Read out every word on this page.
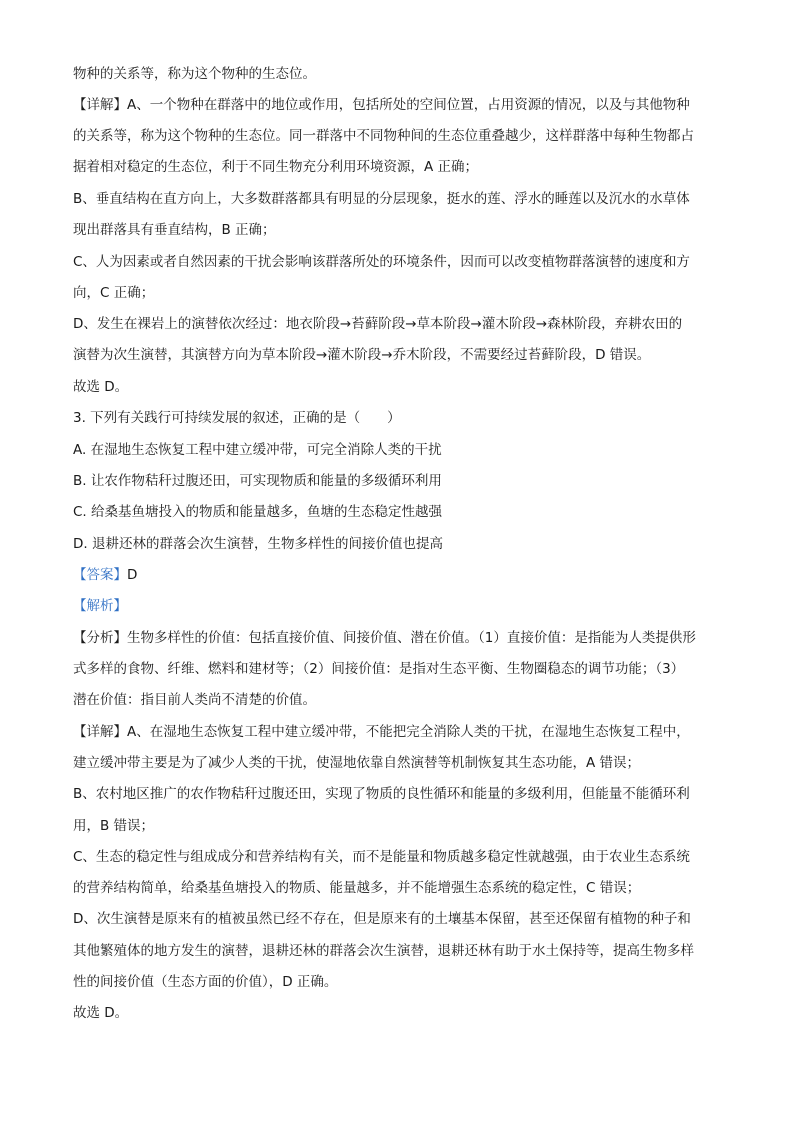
物种的关系等，称为这个物种的生态位。
【详解】A、一个物种在群落中的地位或作用，包括所处的空间位置，占用资源的情况，以及与其他物种
的关系等，称为这个物种的生态位。同一群落中不同物种间的生态位重叠越少，这样群落中每种生物都占
据着相对稳定的生态位，利于不同生物充分利用环境资源，A 正确；
B、垂直结构在直方向上，大多数群落都具有明显的分层现象，挺水的莲、浮水的睡莲以及沉水的水草体
现出群落具有垂直结构，B 正确；
C、人为因素或者自然因素的干扰会影响该群落所处的环境条件，因而可以改变植物群落演替的速度和方
向，C 正确；
D、发生在裸岩上的演替依次经过：地衣阶段→苔藓阶段→草本阶段→灌木阶段→森林阶段，弃耕农田的
演替为次生演替，其演替方向为草本阶段→灌木阶段→乔木阶段，不需要经过苔藓阶段，D 错误。
故选 D。
3. 下列有关践行可持续发展的叙述，正确的是（　　）
A. 在湿地生态恢复工程中建立缓冲带，可完全消除人类的干扰
B. 让农作物秸秆过腹还田，可实现物质和能量的多级循环利用
C. 给桑基鱼塘投入的物质和能量越多，鱼塘的生态稳定性越强
D. 退耕还林的群落会次生演替，生物多样性的间接价值也提高
【答案】D
【解析】
【分析】生物多样性的价值：包括直接价值、间接价值、潜在价值。（1）直接价值：是指能为人类提供形
式多样的食物、纤维、燃料和建材等；（2）间接价值：是指对生态平衡、生物圈稳态的调节功能；（3）
潜在价值：指目前人类尚不清楚的价值。
【详解】A、在湿地生态恢复工程中建立缓冲带，不能把完全消除人类的干扰，在湿地生态恢复工程中，
建立缓冲带主要是为了减少人类的干扰，使湿地依靠自然演替等机制恢复其生态功能，A 错误；
B、农村地区推广的农作物秸秆过腹还田，实现了物质的良性循环和能量的多级利用，但能量不能循环利
用，B 错误；
C、生态的稳定性与组成成分和营养结构有关，而不是能量和物质越多稳定性就越强，由于农业生态系统
的营养结构简单，给桑基鱼塘投入的物质、能量越多，并不能增强生态系统的稳定性，C 错误；
D、次生演替是原来有的植被虽然已经不存在，但是原来有的土壤基本保留，甚至还保留有植物的种子和
其他繁殖体的地方发生的演替，退耕还林的群落会次生演替，退耕还林有助于水土保持等，提高生物多样
性的间接价值（生态方面的价值），D 正确。
故选 D。
